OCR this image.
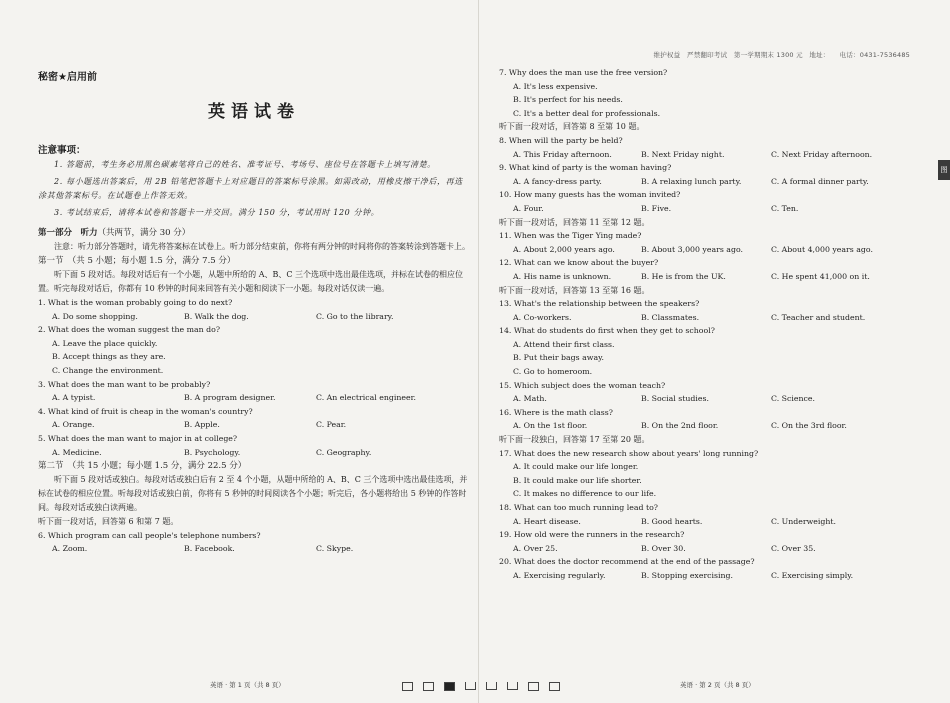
维护权益　严禁翻印考试　第一学期期末 1300 元　地址：　　电话：0431-7536485
图
秘密★启用前
英语试卷
注意事项：

1. 答题前，考生务必用黑色碳素笔将自己的姓名、准考证号、考场号、座位号在答题卡上填写清楚。

2. 每小题选出答案后，用 2B 铅笔把答题卡上对应题目的答案标号涂黑。如需改动，用橡皮擦干净后，再选涂其他答案标号。在试题卷上作答无效。

3. 考试结束后，请将本试卷和答题卡一并交回。满分 150 分，考试用时 120 分钟。

第一部分　听力（共两节，满分 30 分）

注意：听力部分答题时，请先将答案标在试卷上。听力部分结束前，你将有两分钟的时间将你的答案转涂到答题卡上。

第一节　（共 5 小题；每小题 1.5 分，满分 7.5 分）

听下面 5 段对话。每段对话后有一个小题，从题中所给的 A、B、C 三个选项中选出最佳选项，并标在试卷的相应位置。听完每段对话后，你都有 10 秒钟的时间来回答有关小题和阅读下一小题。每段对话仅读一遍。

1. What is the woman probably going to do next?

A. Do some shopping.	B. Walk the dog.	C. Go to the library.

2. What does the woman suggest the man do?

A. Leave the place quickly.
B. Accept things as they are.
C. Change the environment.

3. What does the man want to be probably?

A. A typist.	B. A program designer.	C. An electrical engineer.

4. What kind of fruit is cheap in the woman's country?

A. Orange.	B. Apple.	C. Pear.

5. What does the man want to major in at college?

A. Medicine.	B. Psychology.	C. Geography.
第二节　（共 15 小题；每小题 1.5 分，满分 22.5 分）

听下面 5 段对话或独白。每段对话或独白后有 2 至 4 个小题，从题中所给的 A、B、C 三个选项中选出最佳选项，并标在试卷的相应位置。听每段对话或独白前，你将有 5 秒钟的时间阅读各个小题；听完后，各小题将给出 5 秒钟的作答时间。每段对话或独白读两遍。

听下面一段对话，回答第 6 和第 7 题。

6. Which program can call people's telephone numbers?

A. Zoom.	B. Facebook.	C. Skype.

7. Why does the man use the free version?

A. It's less expensive.
B. It's perfect for his needs.
C. It's a better deal for professionals.
听下面一段对话，回答第 8 至第 10 题。

8. When will the party be held?

A. This Friday afternoon.	B. Next Friday night.	C. Next Friday afternoon.

9. What kind of party is the woman having?

A. A fancy-dress party.	B. A relaxing lunch party.	C. A formal dinner party.

10. How many guests has the woman invited?

A. Four.	B. Five.	C. Ten.
听下面一段对话，回答第 11 至第 12 题。

11. When was the Tiger Ying made?

A. About 2,000 years ago.	B. About 3,000 years ago.	C. About 4,000 years ago.

12. What can we know about the buyer?

A. His name is unknown.	B. He is from the UK.	C. He spent 41,000 on it.
听下面一段对话，回答第 13 至第 16 题。

13. What's the relationship between the speakers?

A. Co-workers.	B. Classmates.	C. Teacher and student.

14. What do students do first when they get to school?

A. Attend their first class.
B. Put their bags away.
C. Go to homeroom.

15. Which subject does the woman teach?

A. Math.	B. Social studies.	C. Science.

16. Where is the math class?

A. On the 1st floor.	B. On the 2nd floor.	C. On the 3rd floor.
听下面一段独白，回答第 17 至第 20 题。

17. What does the new research show about years' long running?

A. It could make our life longer.
B. It could make our life shorter.
C. It makes no difference to our life.

18. What can too much running lead to?

A. Heart disease.	B. Good hearts.	C. Underweight.

19. How old were the runners in the research?

A. Over 25.	B. Over 30.	C. Over 35.

20. What does the doctor recommend at the end of the passage?

A. Exercising regularly.	B. Stopping exercising.	C. Exercising simply.
英语 · 第 1 页（共 8 页）	英语 · 第 2 页（共 8 页）
